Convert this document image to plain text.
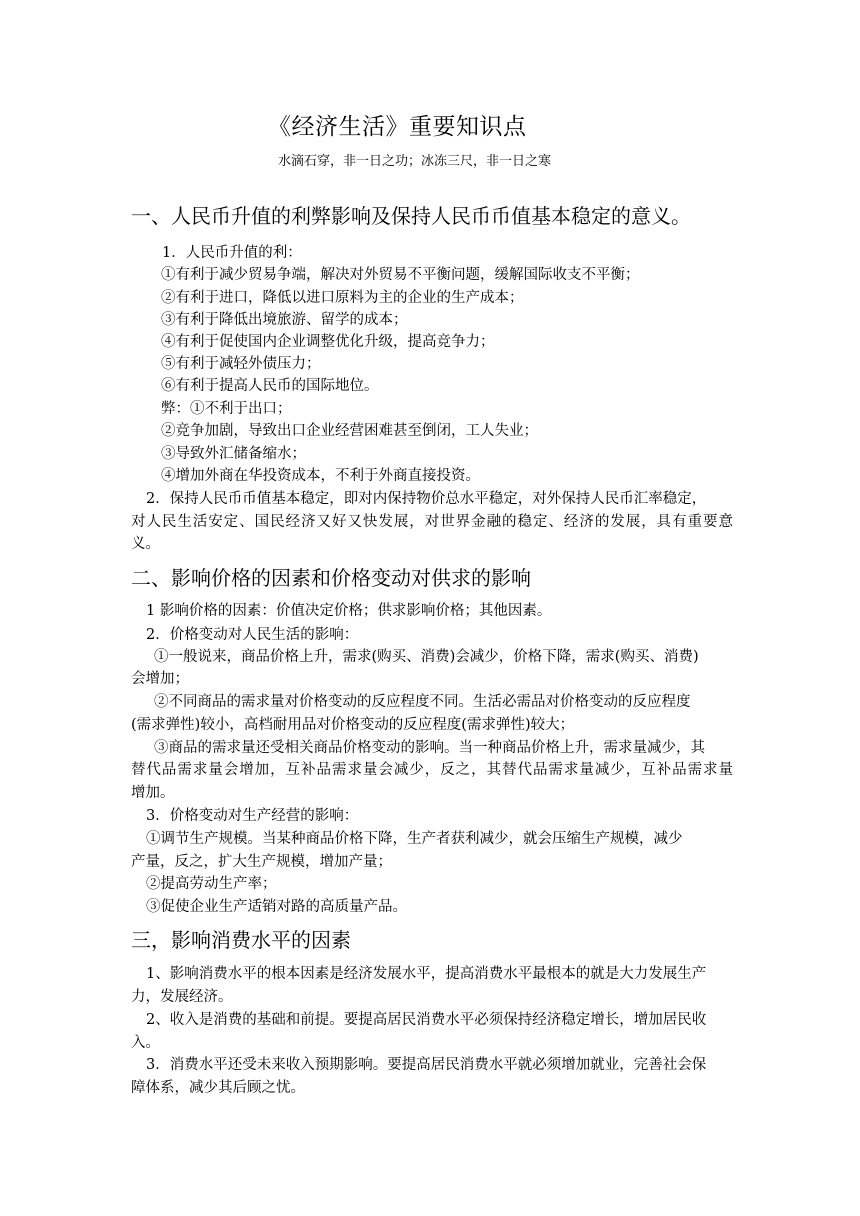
《经济生活》重要知识点
水滴石穿，非一日之功；冰冻三尺，非一日之寒
一、人民币升值的利弊影响及保持人民币币值基本稳定的意义。
1．人民币升值的利：
①有利于减少贸易争端，解决对外贸易不平衡问题，缓解国际收支不平衡；
②有利于进口，降低以进口原料为主的企业的生产成本；
③有利于降低出境旅游、留学的成本；
④有利于促使国内企业调整优化升级，提高竞争力；
⑤有利于减轻外债压力；
⑥有利于提高人民币的国际地位。
弊：①不利于出口；
②竞争加剧，导致出口企业经营困难甚至倒闭，工人失业；
③导致外汇储备缩水；
④增加外商在华投资成本，不利于外商直接投资。
2．保持人民币币值基本稳定，即对内保持物价总水平稳定，对外保持人民币汇率稳定，
对人民生活安定、国民经济又好又快发展，对世界金融的稳定、经济的发展，具有重要意
义。
二、影响价格的因素和价格变动对供求的影响
1 影响价格的因素：价值决定价格；供求影响价格；其他因素。
2．价格变动对人民生活的影响：
①一般说来，商品价格上升，需求(购买、消费)会减少，价格下降，需求(购买、消费)
会增加；
②不同商品的需求量对价格变动的反应程度不同。生活必需品对价格变动的反应程度
(需求弹性)较小，高档耐用品对价格变动的反应程度(需求弹性)较大；
③商品的需求量还受相关商品价格变动的影响。当一种商品价格上升，需求量减少，其
替代品需求量会增加，互补品需求量会减少，反之，其替代品需求量减少，互补品需求量
增加。
3．价格变动对生产经营的影响：
①调节生产规模。当某种商品价格下降，生产者获利减少，就会压缩生产规模，减少
产量，反之，扩大生产规模，增加产量；
②提高劳动生产率；
③促使企业生产适销对路的高质量产品。
三，影响消费水平的因素
1、影响消费水平的根本因素是经济发展水平，提高消费水平最根本的就是大力发展生产
力，发展经济。
2、收入是消费的基础和前提。要提高居民消费水平必须保持经济稳定增长，增加居民收
入。
3．消费水平还受未来收入预期影响。要提高居民消费水平就必须增加就业，完善社会保
障体系，减少其后顾之忧。
